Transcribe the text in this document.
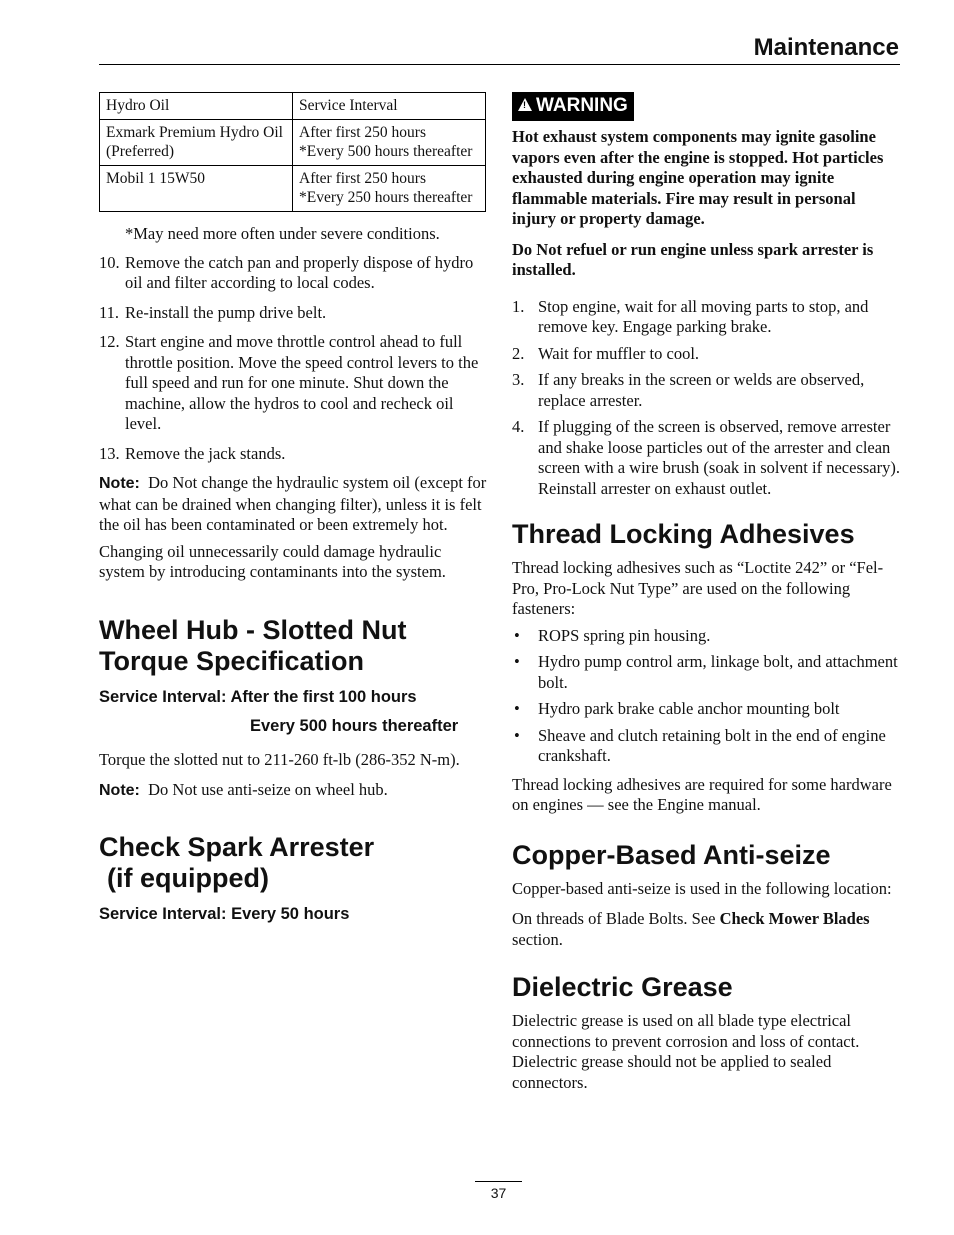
Maintenance
Hydro Oil	Service Interval
Exmark Premium Hydro Oil (Preferred)	After first 250 hours
*Every 500 hours thereafter

Mobil 1 15W50	After first 250 hours
*Every 250 hours thereafter
*May need more often under severe conditions.
10. Remove the catch pan and properly dispose of hydro oil and filter according to local codes.
11. Re-install the pump drive belt.
12. Start engine and move throttle control ahead to full throttle position. Move the speed control levers to the full speed and run for one minute. Shut down the machine, allow the hydros to cool and recheck oil level.
13. Remove the jack stands.

Note: Do Not change the hydraulic system oil (except for what can be drained when changing filter), unless it is felt the oil has been contaminated or been extremely hot.

Changing oil unnecessarily could damage hydraulic system by introducing contaminants into the system.

Wheel Hub - Slotted Nut
Torque Specification
Service Interval: After the first 100 hours
Every 500 hours thereafter

Torque the slotted nut to 211-260 ft-lb (286-352 N-m).

Note: Do Not use anti-seize on wheel hub.

Check Spark Arrester
(if equipped)
Service Interval: Every 50 hours
! WARNING

Hot exhaust system components may ignite gasoline vapors even after the engine is stopped. Hot particles exhausted during engine operation may ignite flammable materials. Fire may result in personal injury or property damage.

Do Not refuel or run engine unless spark arrester is installed.

1. Stop engine, wait for all moving parts to stop, and remove key. Engage parking brake.
2. Wait for muffler to cool.
3. If any breaks in the screen or welds are observed, replace arrester.
4. If plugging of the screen is observed, remove arrester and shake loose particles out of the arrester and clean screen with a wire brush (soak in solvent if necessary). Reinstall arrester on exhaust outlet.
Thread Locking Adhesives

Thread locking adhesives such as “Loctite 242” or “Fel-Pro, Pro-Lock Nut Type” are used on the following fasteners:

• ROPS spring pin housing.
• Hydro pump control arm, linkage bolt, and attachment bolt.
• Hydro park brake cable anchor mounting bolt
• Sheave and clutch retaining bolt in the end of engine crankshaft.

Thread locking adhesives are required for some hardware on engines — see the Engine manual.

Copper-Based Anti-seize

Copper-based anti-seize is used in the following location:

On threads of Blade Bolts. See Check Mower Blades section.

Dielectric Grease

Dielectric grease is used on all blade type electrical connections to prevent corrosion and loss of contact. Dielectric grease should not be applied to sealed connectors.

37
